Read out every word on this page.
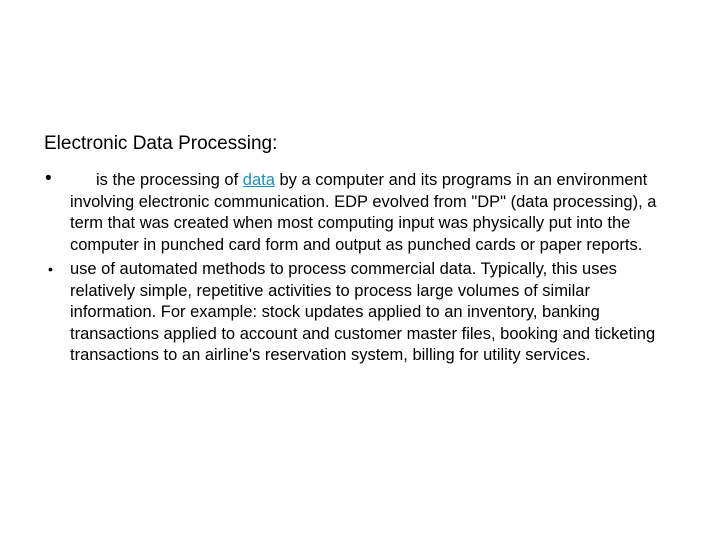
Electronic Data Processing:
•	is the processing of data by a computer and its programs in an environment involving electronic communication. EDP evolved from "DP" (data processing), a term that was created when most computing input was physically put into the computer in punched card form and output as punched cards or paper reports.
• use of automated methods to process commercial data. Typically, this uses relatively simple, repetitive activities to process large volumes of similar information. For example: stock updates applied to an inventory, banking transactions applied to account and customer master files, booking and ticketing transactions to an airline's reservation system, billing for utility services.
